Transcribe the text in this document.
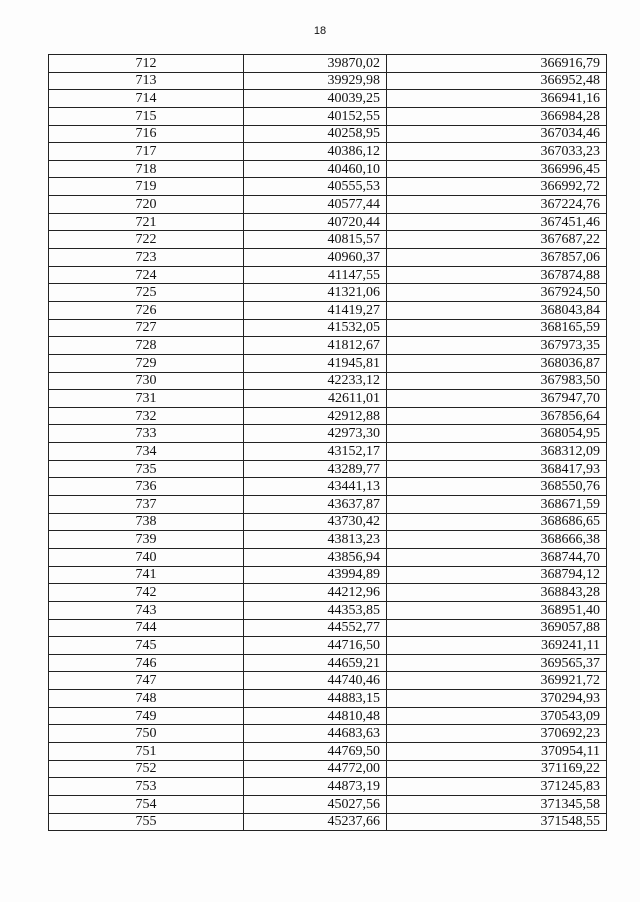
18
712	39870,02	366916,79
713	39929,98	366952,48
714	40039,25	366941,16
715	40152,55	366984,28
716	40258,95	367034,46
717	40386,12	367033,23
718	40460,10	366996,45
719	40555,53	366992,72
720	40577,44	367224,76
721	40720,44	367451,46
722	40815,57	367687,22
723	40960,37	367857,06
724	41147,55	367874,88
725	41321,06	367924,50
726	41419,27	368043,84
727	41532,05	368165,59
728	41812,67	367973,35
729	41945,81	368036,87
730	42233,12	367983,50
731	42611,01	367947,70
732	42912,88	367856,64
733	42973,30	368054,95
734	43152,17	368312,09
735	43289,77	368417,93
736	43441,13	368550,76
737	43637,87	368671,59
738	43730,42	368686,65
739	43813,23	368666,38
740	43856,94	368744,70
741	43994,89	368794,12
742	44212,96	368843,28
743	44353,85	368951,40
744	44552,77	369057,88
745	44716,50	369241,11
746	44659,21	369565,37
747	44740,46	369921,72
748	44883,15	370294,93
749	44810,48	370543,09
750	44683,63	370692,23
751	44769,50	370954,11
752	44772,00	371169,22
753	44873,19	371245,83
754	45027,56	371345,58
755	45237,66	371548,55
